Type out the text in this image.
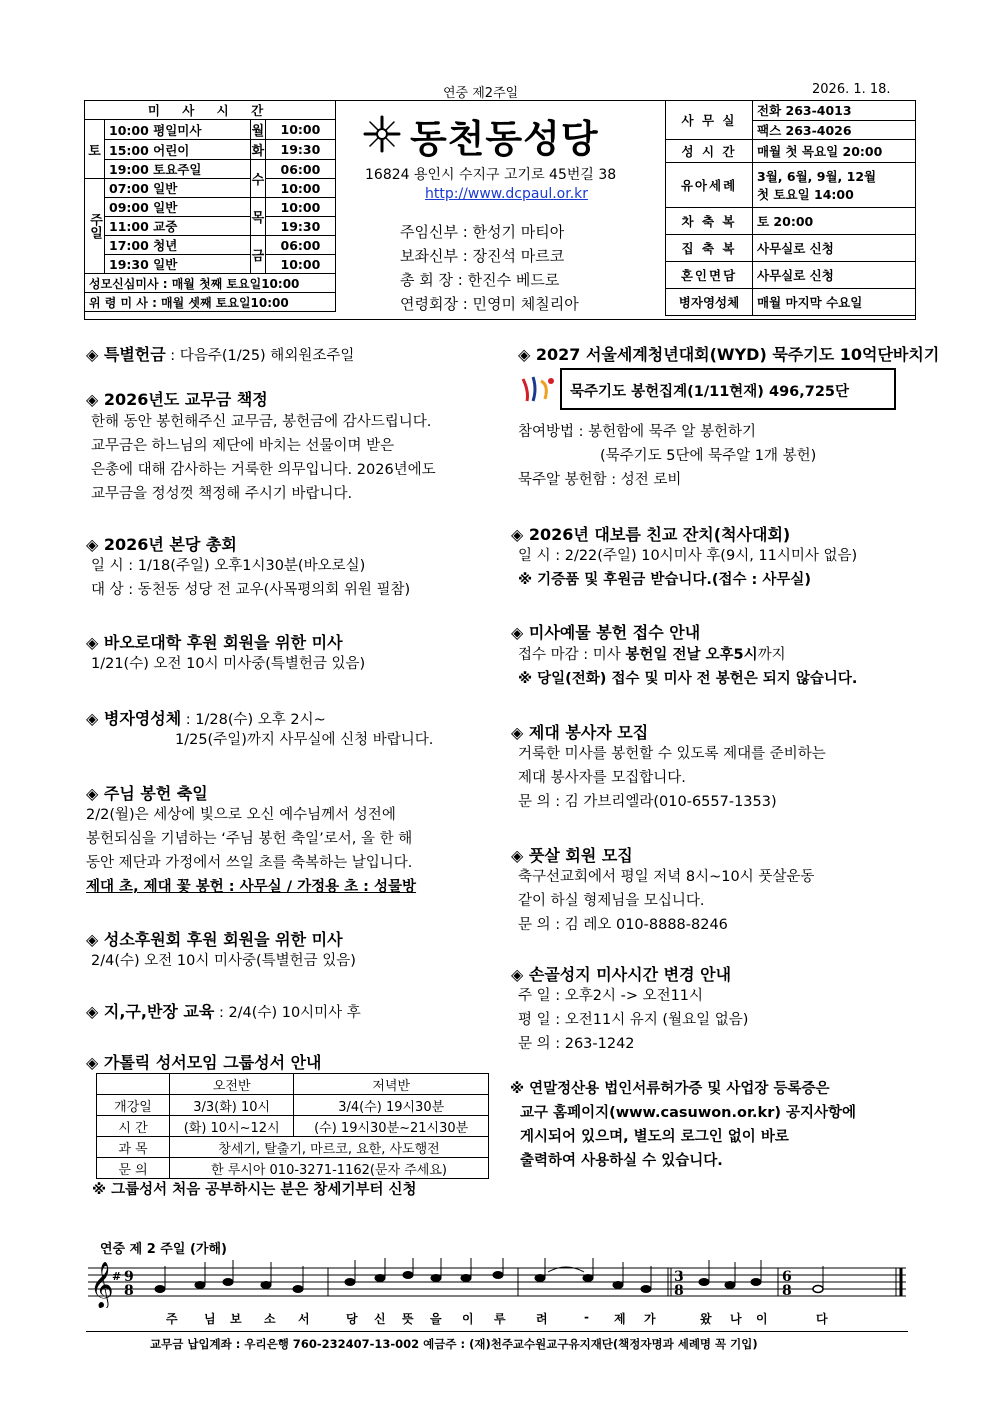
연중 제2주일	2026. 1. 18.
미 사 시 간			
토	10:00 평일미사	월	10:00
	15:00 어린이	화	19:30
	19:00 토요주일	수	06:00
주일	07:00 일반		10:00
	09:00 일반	목	10:00
	11:00 교중		19:30
	17:00 청년	금	06:00
	19:30 일반		10:00
성모신심미사 : 매월 첫째 토요일10:00			
위 령 미 사 : 매월 셋째 토요일10:00			
사 무 실	전화 263-4013
	팩스 263-4026
성 시 간	매월 첫 목요일 20:00
유아세례	3월, 6월, 9월, 12월
첫 토요일 14:00
차 축 복	토 20:00
집 축 복	사무실로 신청
혼인면담	사무실로 신청
병자영성체	매월 마지막 수요일
동천동성당
16824 용인시 수지구 고기로 45번길 38
http://www.dcpaul.or.kr
주임신부 : 한성기 마티아
보좌신부 : 장진석 마르코
총 회 장 : 한진수 베드로
연령회장 : 민영미 체칠리아
◈ 특별헌금 : 다음주(1/25) 해외원조주일
◈ 2026년도 교무금 책정
한해 동안 봉헌해주신 교무금, 봉헌금에 감사드립니다.
교무금은 하느님의 제단에 바치는 선물이며 받은
은총에 대해 감사하는 거룩한 의무입니다. 2026년에도
교무금을 정성껏 책정해 주시기 바랍니다.
◈ 2026년 본당 총회
일 시 : 1/18(주일) 오후1시30분(바오로실)
대 상 : 동천동 성당 전 교우(사목평의회 위원 필참)
◈ 바오로대학 후원 회원을 위한 미사
1/21(수) 오전 10시 미사중(특별헌금 있음)
◈ 병자영성체 : 1/28(수) 오후 2시~
1/25(주일)까지 사무실에 신청 바랍니다.
◈ 주님 봉헌 축일
2/2(월)은 세상에 빛으로 오신 예수님께서 성전에
봉헌되심을 기념하는 ‘주님 봉헌 축일’로서, 올 한 해
동안 제단과 가정에서 쓰일 초를 축복하는 날입니다.
제대 초, 제대 꽃 봉헌 : 사무실 / 가정용 초 : 성물방
◈ 성소후원회 후원 회원을 위한 미사
2/4(수) 오전 10시 미사중(특별헌금 있음)
◈ 지,구,반장 교육 : 2/4(수) 10시미사 후
◈ 가톨릭 성서모임 그룹성서 안내
	오전반	저녁반
개강일	3/3(화) 10시	3/4(수) 19시30분
시 간	(화) 10시~12시	(수) 19시30분~21시30분
과 목	창세기, 탈출기, 마르코, 요한, 사도행전	
문 의	한 루시아 010-3271-1162(문자 주세요)	
※ 그룹성서 처음 공부하시는 분은 창세기부터 신청
◈ 2027 서울세계청년대회(WYD) 묵주기도 10억단바치기
묵주기도 봉헌집계(1/11현재) 496,725단
참여방법 : 봉헌함에 묵주 알 봉헌하기
(묵주기도 5단에 묵주알 1개 봉헌)
묵주알 봉헌함 : 성전 로비
◈ 2026년 대보름 친교 잔치(척사대회)
일 시 : 2/22(주일) 10시미사 후(9시, 11시미사 없음)
※ 기증품 및 후원금 받습니다.(접수 : 사무실)
◈ 미사예물 봉헌 접수 안내
접수 마감 : 미사 봉헌일 전날 오후5시까지
※ 당일(전화) 접수 및 미사 전 봉헌은 되지 않습니다.
◈ 제대 봉사자 모집
거룩한 미사를 봉헌할 수 있도록 제대를 준비하는
제대 봉사자를 모집합니다.
문 의 : 김 가브리엘라(010-6557-1353)
◈ 풋살 회원 모집
축구선교회에서 평일 저녁 8시~10시 풋살운동
같이 하실 형제님을 모십니다.
문 의 : 김 레오 010-8888-8246
◈ 손골성지 미사시간 변경 안내
주 일 : 오후2시 -> 오전11시
평 일 : 오전11시 유지 (월요일 없음)
문 의 : 263-1242
※ 연말정산용 법인서류허가증 및 사업장 등록증은
교구 홈페이지(www.casuwon.or.kr) 공지사항에
게시되어 있으며, 별도의 로그인 없이 바로
출력하여 사용하실 수 있습니다.
연중 제 2 주일 (가해)
𝄞
# 9
8
3
8
6
8
주 님 보 소 서	당 신 뜻 을 이 루 려	- 제 가	왔 나 이	다
교무금 납입계좌 : 우리은행 760-232407-13-002 예금주 : (재)천주교수원교구유지재단(책정자명과 세례명 꼭 기입)
